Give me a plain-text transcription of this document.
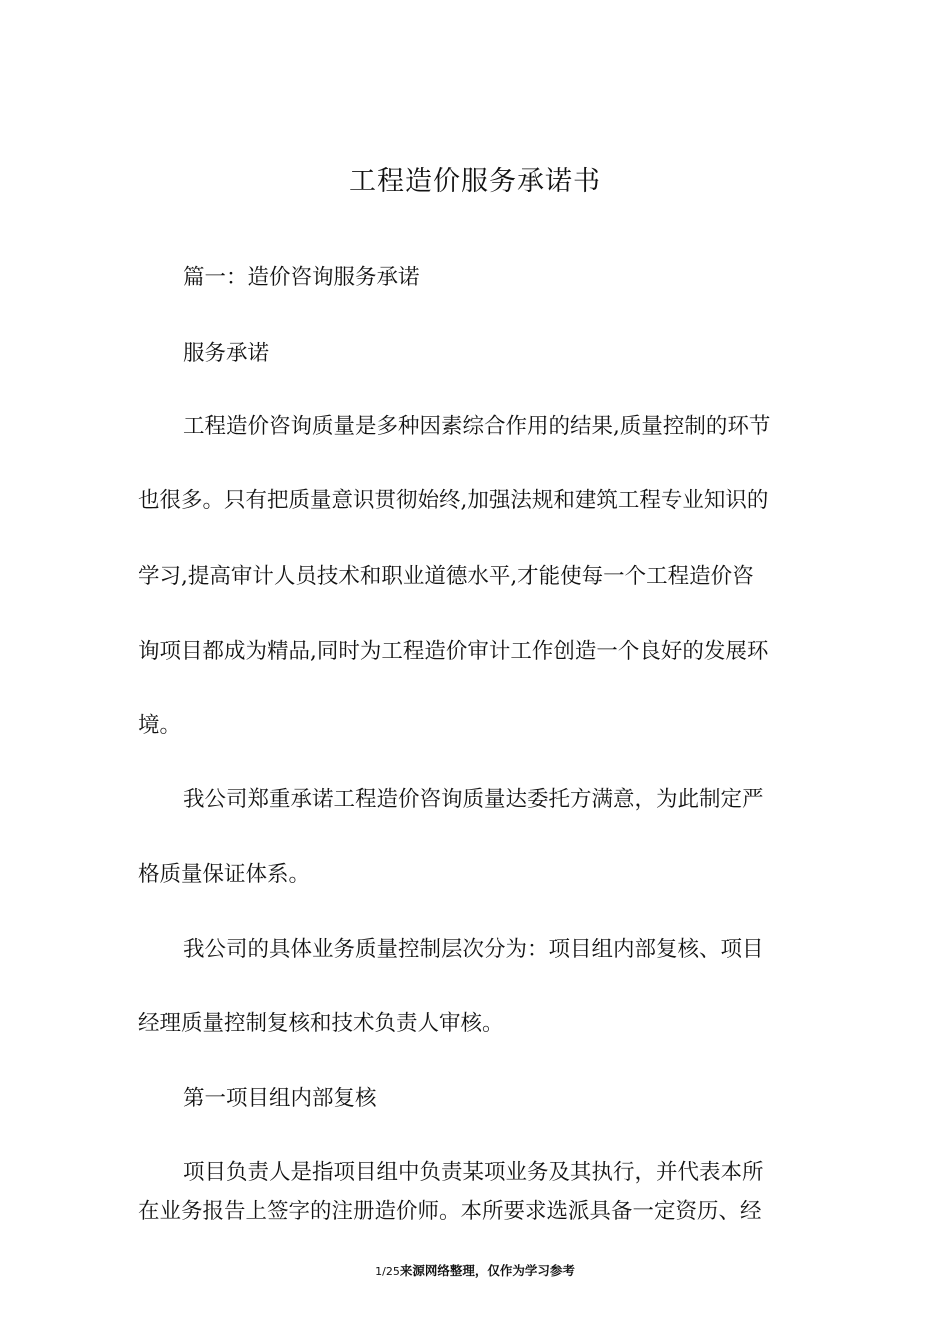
工程造价服务承诺书
篇一：造价咨询服务承诺
服务承诺
工程造价咨询质量是多种因素综合作用的结果,质量控制的环节
也很多。只有把质量意识贯彻始终,加强法规和建筑工程专业知识的
学习,提高审计人员技术和职业道德水平,才能使每一个工程造价咨
询项目都成为精品,同时为工程造价审计工作创造一个良好的发展环
境。
我公司郑重承诺工程造价咨询质量达委托方满意，为此制定严
格质量保证体系。
我公司的具体业务质量控制层次分为：项目组内部复核、项目
经理质量控制复核和技术负责人审核。
第一项目组内部复核
项目负责人是指项目组中负责某项业务及其执行，并代表本所
在业务报告上签字的注册造价师。本所要求选派具备一定资历、经
1/25来源网络整理，仅作为学习参考
